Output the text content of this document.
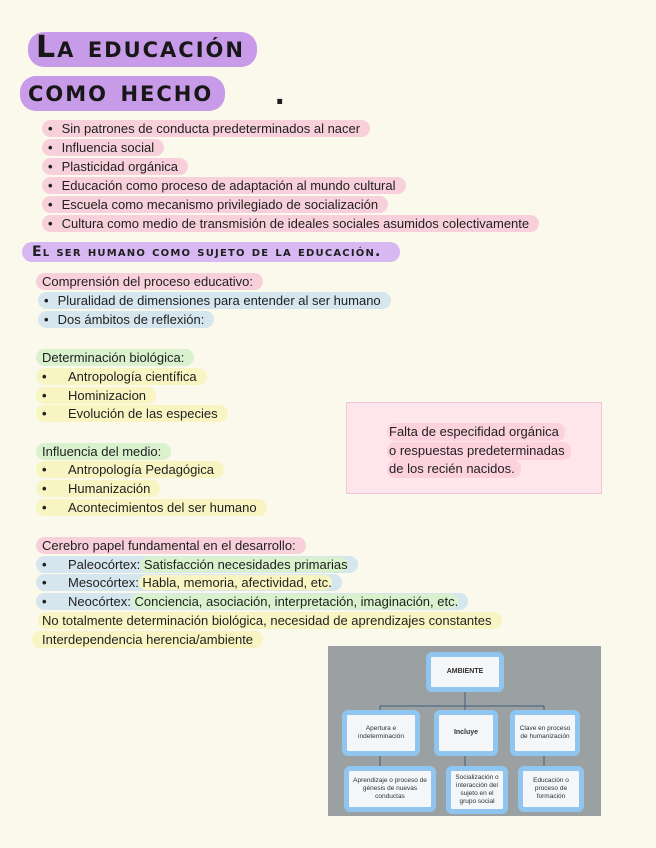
La educación
como hecho	.
• Sin patrones de conducta predeterminados al nacer
• Influencia social
• Plasticidad orgánica
• Educación como proceso de adaptación al mundo cultural
• Escuela como mecanismo privilegiado de socialización
• Cultura como medio de transmisión de ideales sociales asumidos colectivamente
El ser humano como sujeto de la educación.
Comprensión del proceso educativo:
• Pluralidad de dimensiones para entender al ser humano
• Dos ámbitos de reflexión:
Determinación biológica:
• Antropología científica
• Hominizacion
• Evolución de las especies
Influencia del medio:
• Antropología Pedagógica
• Humanización
• Acontecimientos del ser humano
Falta de especifidad orgánica
o respuestas predeterminadas
de los recién nacidos.
Cerebro papel fundamental en el desarrollo:
• Paleocórtex: Satisfacción necesidades primarias
• Mesocórtex: Habla, memoria, afectividad, etc.
• Neocórtex: Conciencia, asociación, interpretación, imaginación, etc.
No totalmente determinación biológica, necesidad de aprendizajes constantes
Interdependencia herencia/ambiente
AMBIENTE
Apertura e indeterminación
Incluye
Clave en proceso de humanización
Aprendizaje o proceso de génesis de nuevas conductas
Socialización o interacción del sujeto en el grupo social
Educación o proceso de formación
